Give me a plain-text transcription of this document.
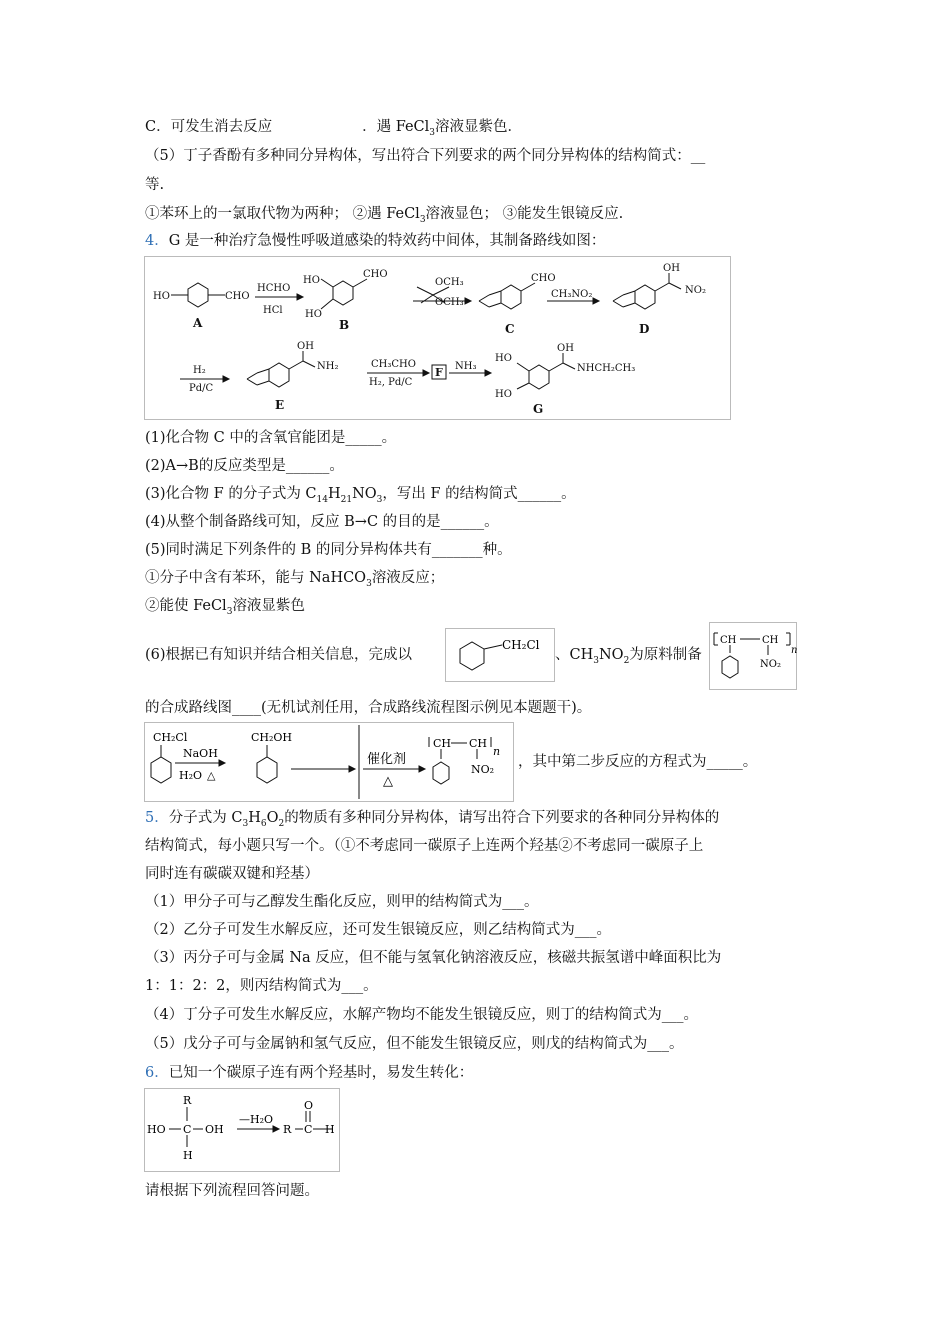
C．可发生消去反应	．遇 FeCl$_3$溶液显紫色．
（5）丁子香酚有多种同分异构体，写出符合下列要求的两个同分异构体的结构简式：__
等.
①苯环上的一氯取代物为两种； ②遇 FeCl$_3$溶液显色； ③能发生银镜反应.
4．G 是一种治疗急慢性呼吸道感染的特效药中间体，其制备路线如图：
HO	CHO
A
HCHO
HCl
HO
HO
CHO
B
OCH₃
OCH₃
CHO
C
CH₃NO₂
OH
NO₂
D
H₂
Pd/C
OH
NH₂
E
CH₃CHO
H₂, Pd/C
F NH₃
HO
HO
OH
NHCH₂CH₃
G
(1)化合物 C 中的含氧官能团是_____。
(2)A→B的反应类型是______。
(3)化合物 F 的分子式为 $C_{14}H_{21}NO_3$，写出 F 的结构简式______。
(4)从整个制备路线可知，反应 B→C 的目的是______。
(5)同时满足下列条件的 B 的同分异构体共有_______种。
①分子中含有苯环，能与 NaHCO$_3$溶液反应；
②能使 FeCl$_3$溶液显紫色
(6)根据已有知识并结合相关信息，完成以
CH₂Cl
、$CH_3NO_2$为原料制备
CH	CH
n
NO₂
的合成路线图____(无机试剂任用，合成路线流程图示例见本题题干)。
CH₂Cl
NaOH
H₂O △
CH₂OH
催化剂
△
CH CH
n
NO₂ ，其中第二步反应的方程式为_____。
5．分子式为 $C_3H_6O_2$的物质有多种同分异构体，请写出符合下列要求的各种同分异构体的
结构简式，每小题只写一个。（①不考虑同一碳原子上连两个羟基②不考虑同一碳原子上
同时连有碳碳双键和羟基）
（1）甲分子可与乙醇发生酯化反应，则甲的结构简式为___。
（2）乙分子可发生水解反应，还可发生银镜反应，则乙结构简式为___。
（3）丙分子可与金属 Na 反应，但不能与氢氧化钠溶液反应，核磁共振氢谱中峰面积比为
1：1：2：2，则丙结构简式为___。
（4）丁分子可发生水解反应，水解产物均不能发生银镜反应，则丁的结构简式为___。
（5）戊分子可与金属钠和氢气反应，但不能发生银镜反应，则戊的结构简式为___。
6．已知一个碳原子连有两个羟基时，易发生转化：
R
HO C OH
H
—H₂O
R
O
C H
请根据下列流程回答问题。
